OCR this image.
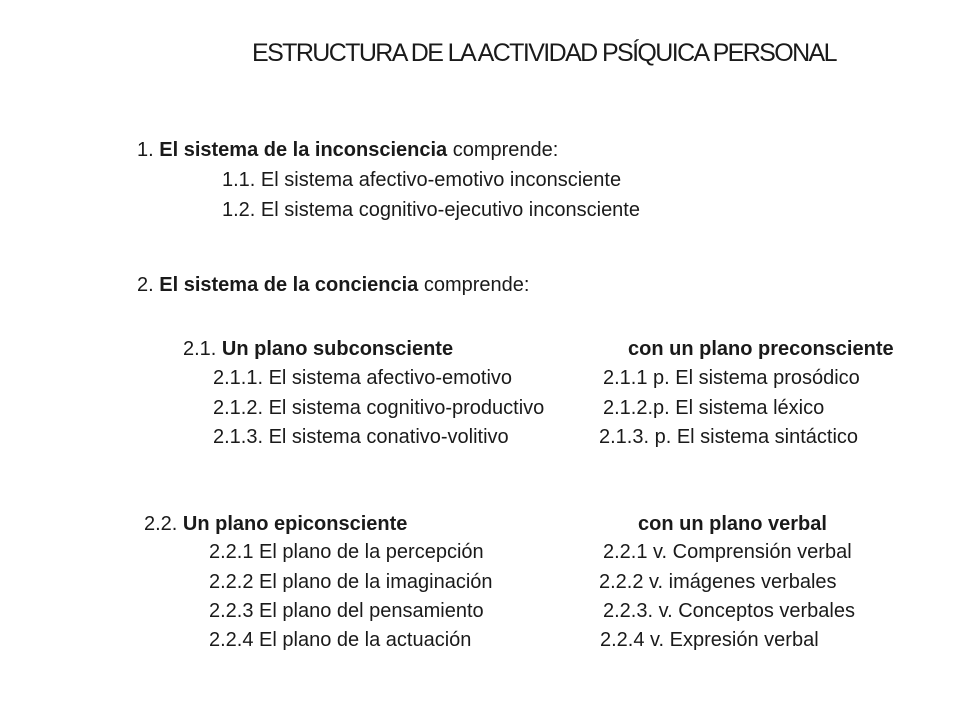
ESTRUCTURA DE LA ACTIVIDAD PSÍQUICA PERSONAL
1. El sistema de la inconsciencia comprende:
1.1. El sistema afectivo-emotivo inconsciente
1.2. El sistema cognitivo-ejecutivo inconsciente
2. El sistema de la conciencia comprende:
2.1. Un plano subconsciente	con un plano preconsciente
2.1.1. El sistema afectivo-emotivo
2.1.2. El sistema cognitivo-productivo
2.1.3. El sistema conativo-volitivo
2.1.1 p. El sistema prosódico
2.1.2.p. El sistema léxico
2.1.3. p. El sistema sintáctico
2.2. Un plano epiconsciente	con un plano verbal
2.2.1 El plano de la percepción
2.2.2 El plano de la imaginación
2.2.3 El plano del pensamiento
2.2.4 El plano de la actuación
2.2.1 v. Comprensión verbal
2.2.2 v. imágenes verbales
2.2.3. v. Conceptos verbales
2.2.4 v. Expresión verbal
